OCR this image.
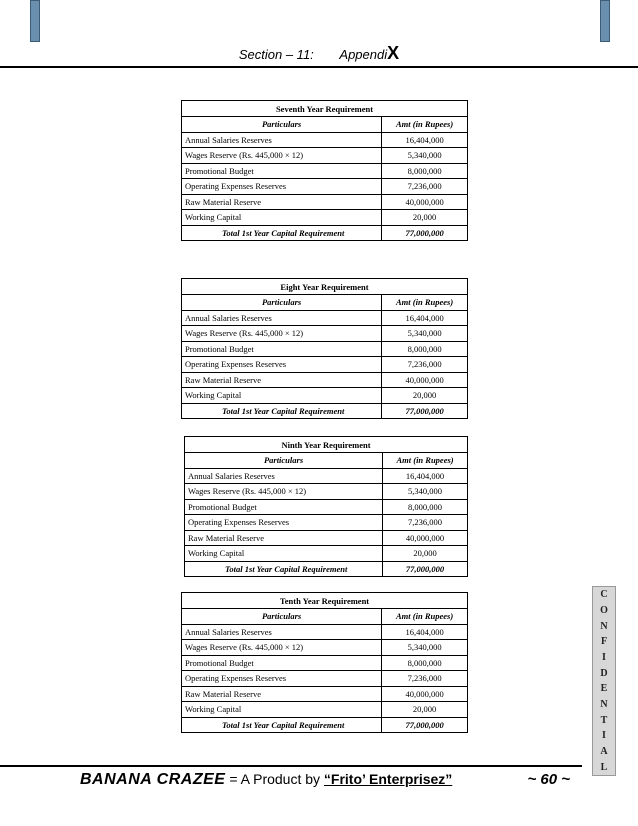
Section – 11: AppendiX
Seventh Year Requirement	
Particulars	Amt (in Rupees)
Annual Salaries Reserves	16,404,000
Wages Reserve (Rs. 445,000 × 12)	5,340,000
Promotional Budget	8,000,000
Operating Expenses Reserves	7,236,000
Raw Material Reserve	40,000,000
Working Capital	20,000
Total 1st Year Capital Requirement	77,000,000
Eight Year Requirement	
Particulars	Amt (in Rupees)
Annual Salaries Reserves	16,404,000
Wages Reserve (Rs. 445,000 × 12)	5,340,000
Promotional Budget	8,000,000
Operating Expenses Reserves	7,236,000
Raw Material Reserve	40,000,000
Working Capital	20,000
Total 1st Year Capital Requirement	77,000,000
Ninth Year Requirement	
Particulars	Amt (in Rupees)
Annual Salaries Reserves	16,404,000
Wages Reserve (Rs. 445,000 × 12)	5,340,000
Promotional Budget	8,000,000
Operating Expenses Reserves	7,236,000
Raw Material Reserve	40,000,000
Working Capital	20,000
Total 1st Year Capital Requirement	77,000,000
Tenth Year Requirement	
Particulars	Amt (in Rupees)
Annual Salaries Reserves	16,404,000
Wages Reserve (Rs. 445,000 × 12)	5,340,000
Promotional Budget	8,000,000
Operating Expenses Reserves	7,236,000
Raw Material Reserve	40,000,000
Working Capital	20,000
Total 1st Year Capital Requirement	77,000,000
C
O
N
F
I
D
E
N
T
I
A
L
BANANA CRAZEE = A Product by “Frito’ Enterprisez”	~ 60 ~
